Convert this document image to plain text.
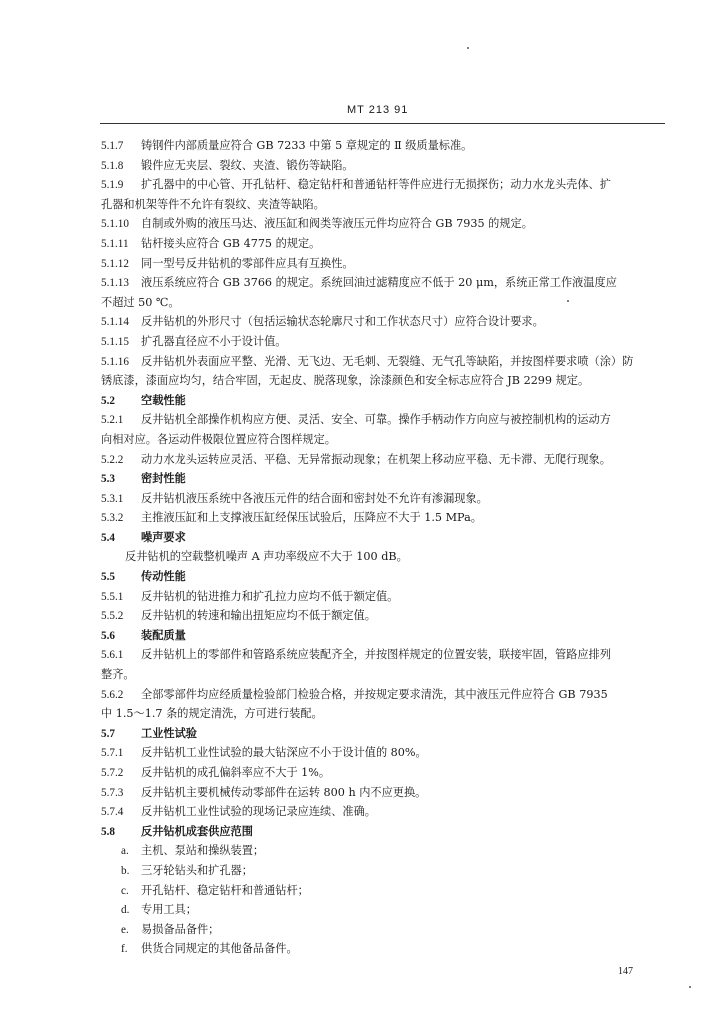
MT 213 91
5.1.7 铸钢件内部质量应符合 GB 7233 中第 5 章规定的 Ⅱ 级质量标准。
5.1.8 锻件应无夹层、裂纹、夹渣、锻伤等缺陷。
5.1.9 扩孔器中的中心管、开孔钻杆、稳定钻杆和普通钻杆等件应进行无损探伤；动力水龙头壳体、扩
孔器和机架等件不允许有裂纹、夹渣等缺陷。
5.1.10 自制或外购的液压马达、液压缸和阀类等液压元件均应符合 GB 7935 的规定。
5.1.11 钻杆接头应符合 GB 4775 的规定。
5.1.12 同一型号反井钻机的零部件应具有互换性。
5.1.13 液压系统应符合 GB 3766 的规定。系统回油过滤精度应不低于 20 μm，系统正常工作液温度应
不超过 50 ℃。
5.1.14 反井钻机的外形尺寸（包括运输状态轮廓尺寸和工作状态尺寸）应符合设计要求。
5.1.15 扩孔器直径应不小于设计值。
5.1.16 反井钻机外表面应平整、光滑、无飞边、无毛刺、无裂缝、无气孔等缺陷，并按图样要求喷（涂）防
锈底漆，漆面应均匀，结合牢固，无起皮、脱落现象，涂漆颜色和安全标志应符合 JB 2299 规定。
5.2 空载性能
5.2.1 反井钻机全部操作机构应方便、灵活、安全、可靠。操作手柄动作方向应与被控制机构的运动方
向相对应。各运动件极限位置应符合图样规定。
5.2.2 动力水龙头运转应灵活、平稳、无异常振动现象；在机架上移动应平稳、无卡滞、无爬行现象。
5.3 密封性能
5.3.1 反井钻机液压系统中各液压元件的结合面和密封处不允许有渗漏现象。
5.3.2 主推液压缸和上支撑液压缸经保压试验后，压降应不大于 1.5 MPa。
5.4 噪声要求
反井钻机的空载整机噪声 A 声功率级应不大于 100 dB。
5.5 传动性能
5.5.1 反井钻机的钻进推力和扩孔拉力应均不低于额定值。
5.5.2 反井钻机的转速和输出扭矩应均不低于额定值。
5.6 装配质量
5.6.1 反井钻机上的零部件和管路系统应装配齐全，并按图样规定的位置安装，联接牢固，管路应排列
整齐。
5.6.2 全部零部件均应经质量检验部门检验合格，并按规定要求清洗，其中液压元件应符合 GB 7935
中 1.5～1.7 条的规定清洗，方可进行装配。
5.7 工业性试验
5.7.1 反井钻机工业性试验的最大钻深应不小于设计值的 80%。
5.7.2 反井钻机的成孔偏斜率应不大于 1%。
5.7.3 反井钻机主要机械传动零部件在运转 800 h 内不应更换。
5.7.4 反井钻机工业性试验的现场记录应连续、准确。
5.8 反井钻机成套供应范围
a. 主机、泵站和操纵装置；
b. 三牙轮钻头和扩孔器；
c. 开孔钻杆、稳定钻杆和普通钻杆；
d. 专用工具；
e. 易损备品备件；
f. 供货合同规定的其他备品备件。
147
